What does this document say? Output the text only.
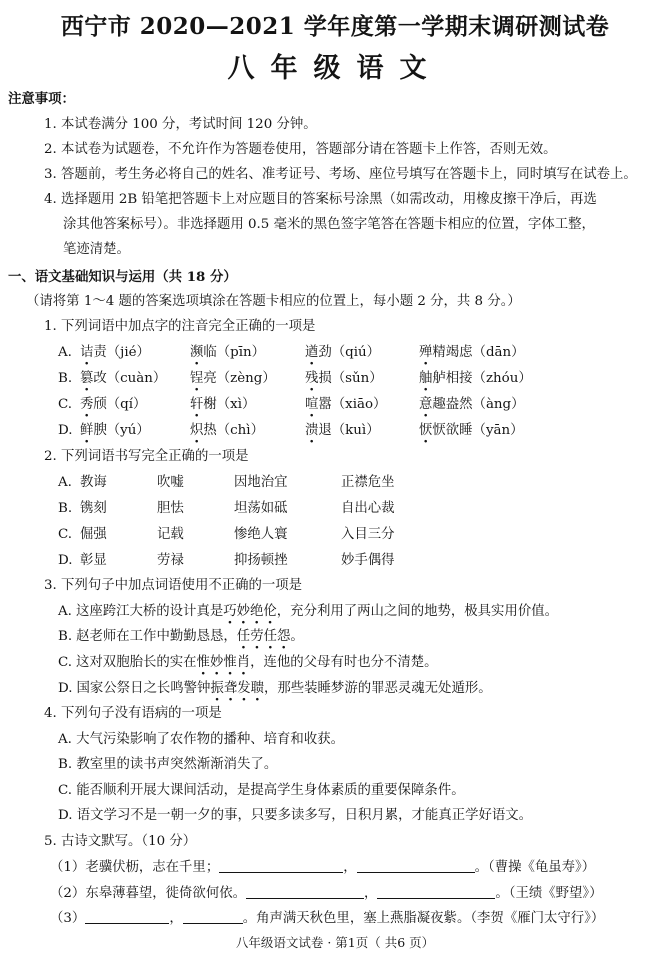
西宁市 2020—2021 学年度第一学期末调研测试卷
八年级语文
注意事项：
1. 本试卷满分 100 分，考试时间 120 分钟。
2. 本试卷为试题卷，不允许作为答题卷使用，答题部分请在答题卡上作答，否则无效。
3. 答题前，考生务必将自己的姓名、准考证号、考场、座位号填写在答题卡上，同时填写在试卷上。
4. 选择题用 2B 铅笔把答题卡上对应题目的答案标号涂黑（如需改动，用橡皮擦干净后，再选
涂其他答案标号）。非选择题用 0.5 毫米的黑色签字笔答在答题卡相应的位置，字体工整，
笔迹清楚。
一、语文基础知识与运用（共 18 分）
（请将第 1～4 题的答案选项填涂在答题卡相应的位置上，每小题 2 分，共 8 分。）
1. 下列词语中加点字的注音完全正确的一项是
A. 诘责（jié）	濒临（pīn）	遒劲（qiú）	殚精竭虑（dān）
B. 篡改（cuàn） 锃亮（zèng） 残损（sǔn）	舳舻相接（zhóu）
C. 秀颀（qí）	轩榭（xì）	喧嚣（xiāo） 意趣盎然（àng）
D. 鲜腴（yú）	炽热（chì）	溃退（kuì）	恹恹欲睡（yān）
2. 下列词语书写完全正确的一项是
A. 教诲	吹嘘	因地治宜	正襟危坐
B. 镌刻	胆怯	坦荡如砥	自出心裁
C. 倔强	记载	惨绝人寰	入目三分
D. 彰显	劳禄	抑扬顿挫	妙手偶得
3. 下列句子中加点词语使用不正确的一项是
A. 这座跨江大桥的设计真是巧妙绝伦，充分利用了两山之间的地势，极具实用价值。
B. 赵老师在工作中勤勤恳恳，任劳任怨。
C. 这对双胞胎长的实在惟妙惟肖，连他的父母有时也分不清楚。
D. 国家公祭日之长鸣警钟振聋发聩，那些装睡梦游的罪恶灵魂无处遁形。
4. 下列句子没有语病的一项是
A. 大气污染影响了农作物的播种、培育和收获。
B. 教室里的读书声突然渐渐消失了。
C. 能否顺利开展大课间活动，是提高学生身体素质的重要保障条件。
D. 语文学习不是一朝一夕的事，只要多读多写，日积月累，才能真正学好语文。
5. 古诗文默写。（10 分）
（1）老骥伏枥，志在千里；	，	。（曹操《龟虽寿》）
（2）东皋薄暮望，徙倚欲何依。	，	。（王绩《野望》）
（3）	，	。角声满天秋色里，塞上燕脂凝夜紫。（李贺《雁门太守行》）
八年级语文试卷 · 第1页（ 共6 页）
